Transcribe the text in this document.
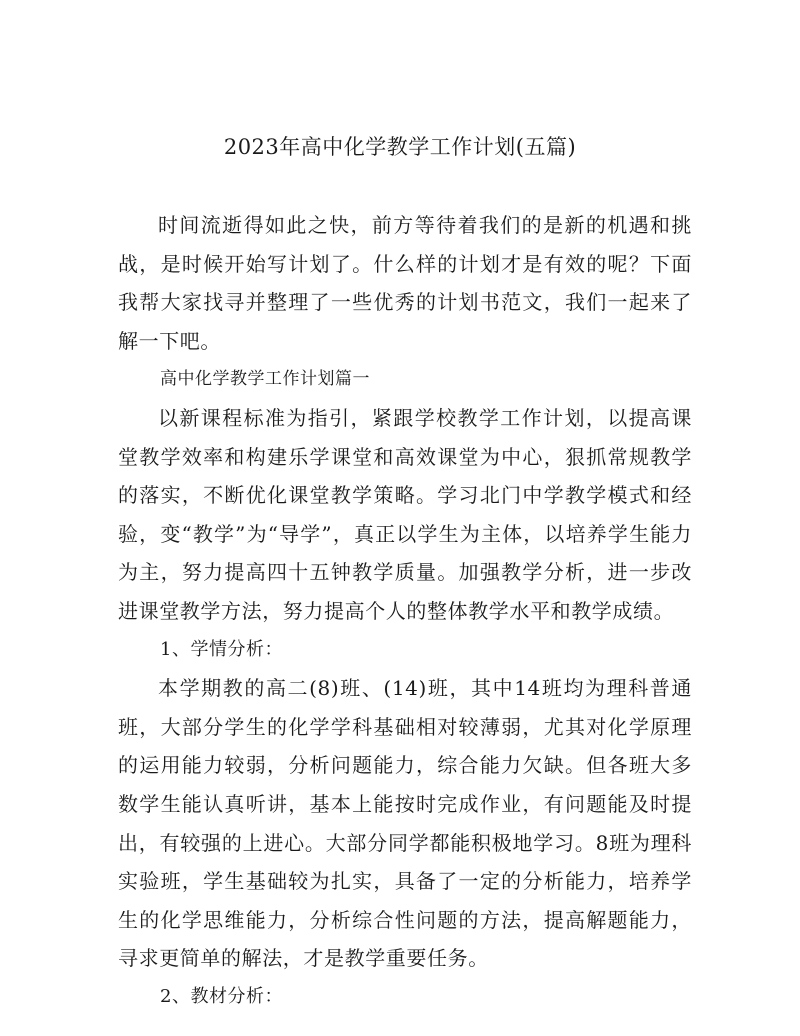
2023年高中化学教学工作计划(五篇)

时间流逝得如此之快，前方等待着我们的是新的机遇和挑战，是时候开始写计划了。什么样的计划才是有效的呢？下面我帮大家找寻并整理了一些优秀的计划书范文，我们一起来了解一下吧。

高中化学教学工作计划篇一

以新课程标准为指引，紧跟学校教学工作计划，以提高课堂教学效率和构建乐学课堂和高效课堂为中心，狠抓常规教学的落实，不断优化课堂教学策略。学习北门中学教学模式和经验，变“教学”为“导学”，真正以学生为主体，以培养学生能力为主，努力提高四十五钟教学质量。加强教学分析，进一步改进课堂教学方法，努力提高个人的整体教学水平和教学成绩。

1、学情分析：

本学期教的高二(8)班、(14)班，其中14班均为理科普通班，大部分学生的化学学科基础相对较薄弱，尤其对化学原理的运用能力较弱，分析问题能力，综合能力欠缺。但各班大多数学生能认真听讲，基本上能按时完成作业，有问题能及时提出，有较强的上进心。大部分同学都能积极地学习。8班为理科实验班，学生基础较为扎实，具备了一定的分析能力，培养学生的化学思维能力，分析综合性问题的方法，提高解题能力，寻求更简单的解法，才是教学重要任务。

2、教材分析：
